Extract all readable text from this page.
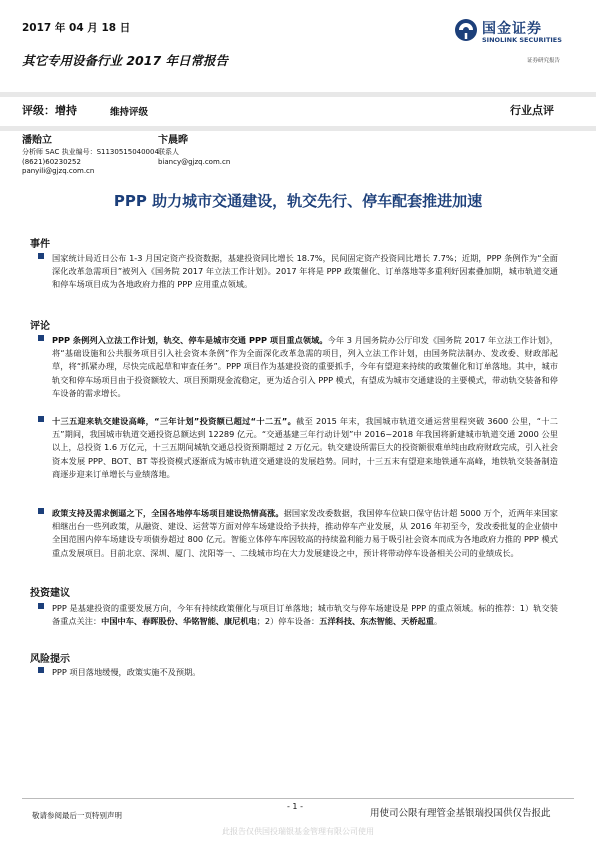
2017 年 04 月 18 日
其它专用设备行业 2017 年日常报告
国金证券
SINOLINK SECURITIES
证券研究报告
评级：增持	维持评级	行业点评
潘贻立
分析师 SAC 执业编号：S1130515040004
(8621)60230252
panyili@gjzq.com.cn
卞晨晔
联系人
biancy@gjzq.com.cn
PPP 助力城市交通建设，轨交先行、停车配套推进加速
事件
国家统计局近日公布 1-3 月国定资产投资数据，基建投资同比增长 18.7%，民间固定资产投资同比增长 7.7%；近期，PPP 条例作为“全面深化改革急需项目”被列入《国务院 2017 年立法工作计划》。2017 年将是 PPP 政策催化、订单落地等多重利好因素叠加期，城市轨道交通和停车场项目成为各地政府力推的 PPP 应用重点领域。
评论
PPP 条例列入立法工作计划，轨交、停车是城市交通 PPP 项目重点领域。今年 3 月国务院办公厅印发《国务院 2017 年立法工作计划》，将“基础设施和公共服务项目引入社会资本条例”作为全面深化改革急需的项目，列入立法工作计划，由国务院法制办、发改委、财政部起草，将“抓紧办理，尽快完成起草和审查任务”。PPP 项目作为基建投资的重要抓手，今年有望迎来持续的政策催化和订单落地。其中，城市轨交和停车场项目由于投资额较大、项目预期现金流稳定，更为适合引入 PPP 模式，有望成为城市交通建设的主要模式，带动轨交装备和停车设备的需求增长。
十三五迎来轨交建设高峰，“三年计划”投资额已超过“十二五”。截至 2015 年末，我国城市轨道交通运营里程突破 3600 公里，“十二五”期间，我国城市轨道交通投资总额达到 12289 亿元。“交通基建三年行动计划”中 2016~2018 年我国将新建城市轨道交通 2000 公里以上，总投资 1.6 万亿元，十三五期间城轨交通总投资预期超过 2 万亿元。轨交建设所需巨大的投资额很难单纯由政府财政完成，引入社会资本发展 PPP、BOT、BT 等投资模式逐渐成为城市轨道交通建设的发展趋势。同时，十三五末有望迎来地铁通车高峰，地铁轨交装备制造商逐步迎来订单增长与业绩落地。
政策支持及需求倒逼之下，全国各地停车场项目建设热情高涨。据国家发改委数据，我国停车位缺口保守估计超 5000 万个，近两年来国家相继出台一些列政策，从融资、建设、运营等方面对停车场建设给予扶持，推动停车产业发展，从 2016 年初至今，发改委批复的企业债中全国范围内停车场建设专项债券超过 800 亿元。智能立体停车库因较高的持续盈利能力易于吸引社会资本而成为各地政府力推的 PPP 模式重点发展项目。目前北京、深圳、厦门、沈阳等一、二线城市均在大力发展建设之中，预计将带动停车设备相关公司的业绩成长。
投资建议
PPP 是基建投资的重要发展方向，今年有持续政策催化与项目订单落地；城市轨交与停车场建设是 PPP 的重点领域。标的推荐：1）轨交装备重点关注：中国中车、春晖股份、华铭智能、康尼机电；2）停车设备：五洋科技、东杰智能、天桥起重。
风险提示
PPP 项目落地缓慢，政策实施不及预期。
敬请参阅最后一页特别声明
- 1 -
用使司公限有理管金基银瑞投国供仅告报此
此报告仅供国投瑞银基金管理有限公司使用
